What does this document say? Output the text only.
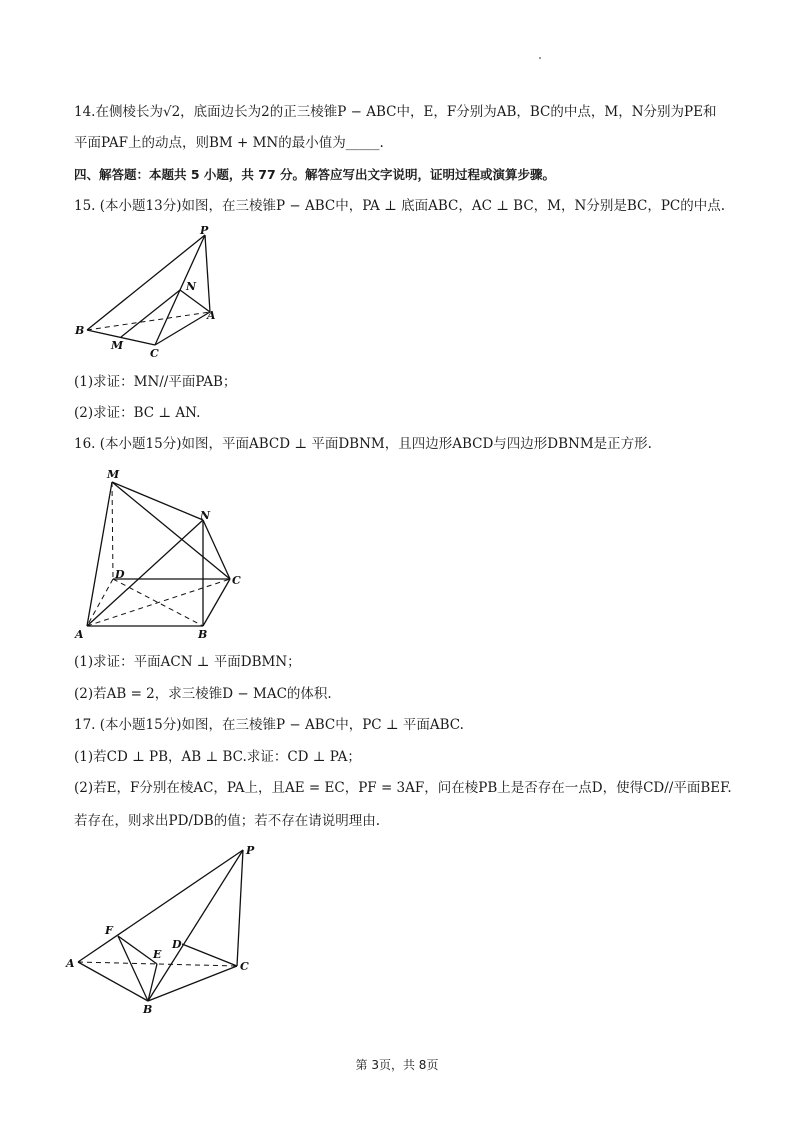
14.在侧棱长为√2，底面边长为2的正三棱锥P − ABC中，E，F分别为AB，BC的中点，M，N分别为PE和
平面PAF上的动点，则BM + MN的最小值为_____.
四、解答题：本题共 5 小题，共 77 分。解答应写出文字说明，证明过程或演算步骤。
15. (本小题13分)如图，在三棱锥P − ABC中，PA ⊥ 底面ABC，AC ⊥ BC，M，N分别是BC，PC的中点.
P
N
A
B
M
C
(1)求证：MN//平面PAB；
(2)求证：BC ⊥ AN.
16. (本小题15分)如图，平面ABCD ⊥ 平面DBNM，且四边形ABCD与四边形DBNM是正方形.
M
N
D	C
A	B
(1)求证：平面ACN ⊥ 平面DBMN；
(2)若AB = 2，求三棱锥D − MAC的体积.
17. (本小题15分)如图，在三棱锥P − ABC中，PC ⊥ 平面ABC.
(1)若CD ⊥ PB，AB ⊥ BC.求证：CD ⊥ PA；
(2)若E，F分别在棱AC，PA上，且AE = EC，PF = 3AF，问在棱PB上是否存在一点D，使得CD//平面BEF.
若存在，则求出PD/DB的值；若不存在请说明理由.
P
F
D
E
A	C
B
第 3页，共 8页
